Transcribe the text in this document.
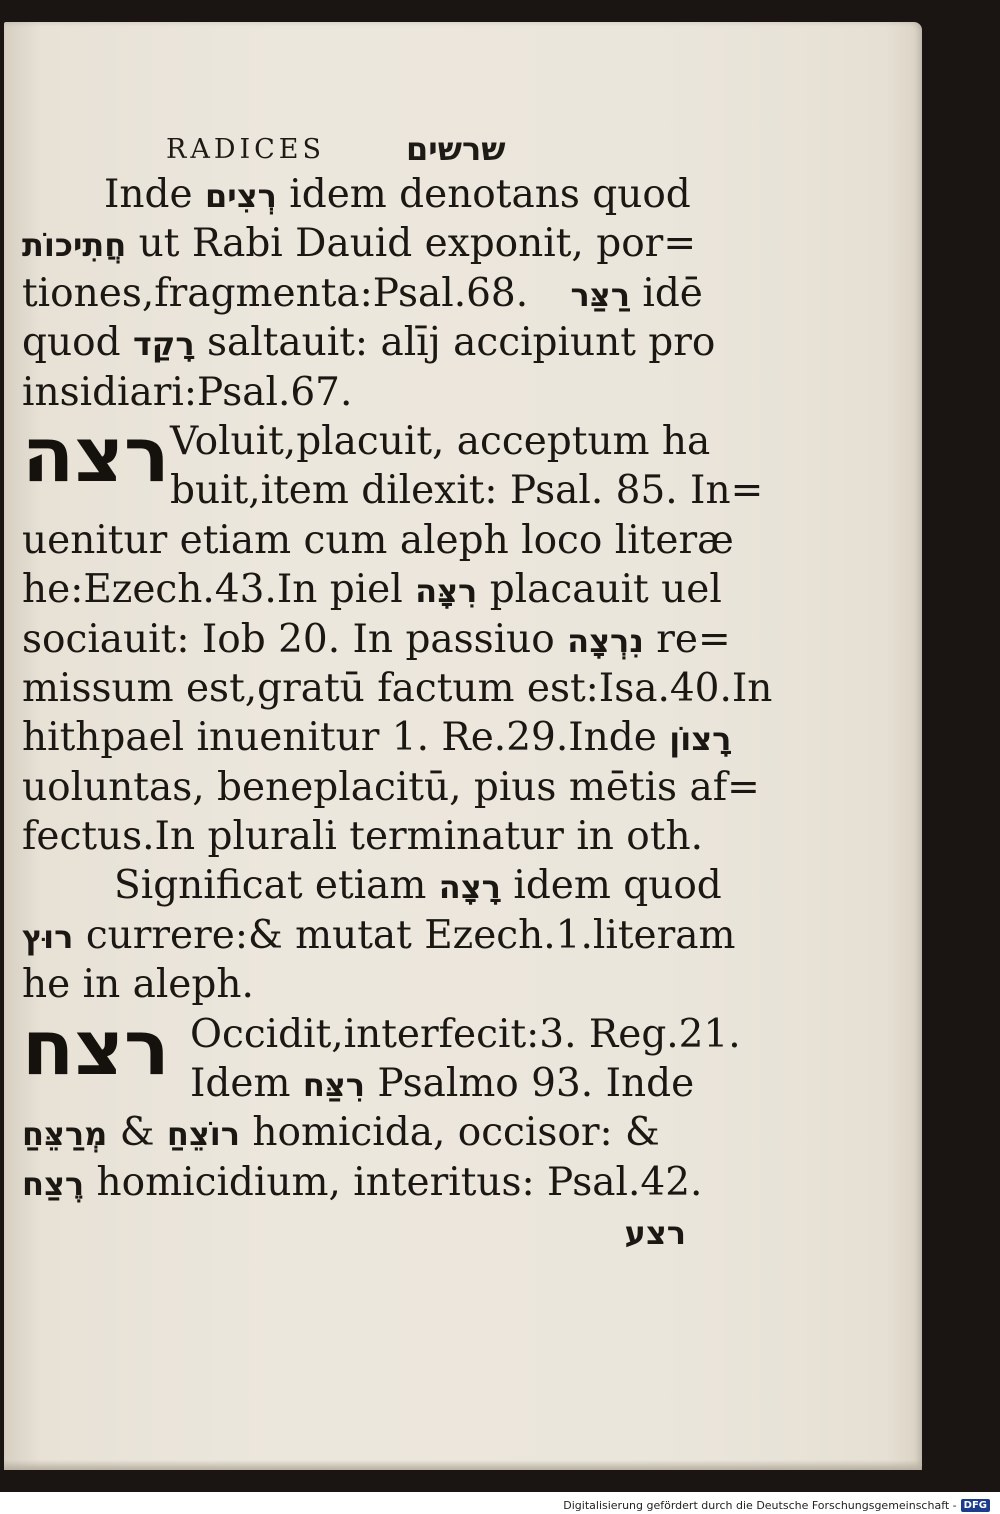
RADICES	שרשים
Inde רְצִים idem denotans quod
חֲתִיכוֹת ut Rabi Dauid exponit, por=
tiones,fragmenta:Psal.68. רַצַּר idē
quod רָקַד saltauit: alīj accipiunt pro
insidiari:Psal.67.
רצה Voluit,placuit, acceptum ha
buit,item dilexit: Psal. 85. In=
uenitur etiam cum aleph loco literæ
he:Ezech.43.In piel רִצָּה placauit uel
sociauit: Iob 20. In passiuo נִרְצָה re=
missum est,gratū factum est:Isa.40.In
hithpael inuenitur 1. Re.29.Inde רָצוֹן
uoluntas, beneplacitū, pius mētis af=
fectus.In plurali terminatur in oth.
Significat etiam רָצָה idem quod
רוּץ currere:& mutat Ezech.1.literam
he in aleph.
רצח Occidit,interfecit:3. Reg.21.
Idem רִצַּח Psalmo 93. Inde
מְרַצֵּחַ & רוֹצֵחַ homicida, occisor: &
רֶצַח homicidium, interitus: Psal.42.
רצע
Digitalisierung gefördert durch die Deutsche Forschungsgemeinschaft - DFG
